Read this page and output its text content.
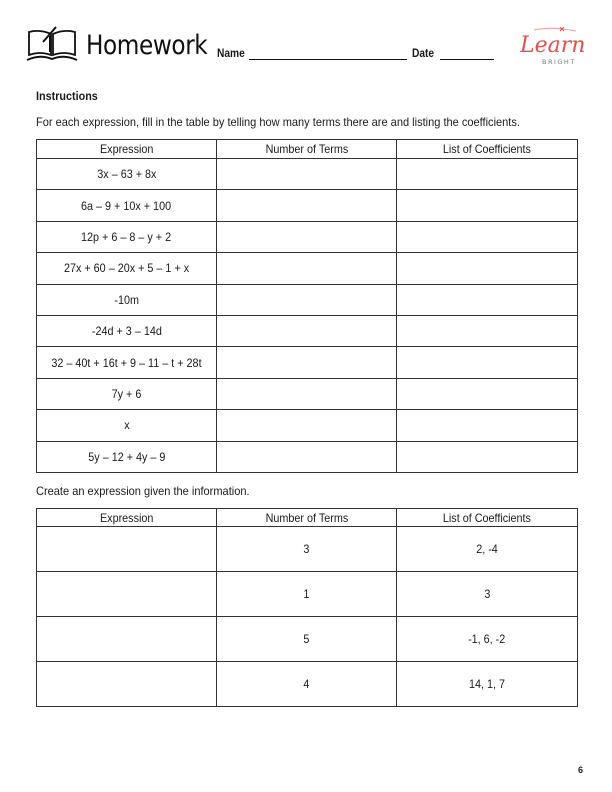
Homework Name	Date	Learn
BRIGHT
Instructions
For each expression, fill in the table by telling how many terms there are and listing the coefficients.
Expression	Number of Terms	List of Coefficients
3x – 63 + 8x		
6a – 9 + 10x + 100		
12p + 6 – 8 – y + 2		
27x + 60 – 20x + 5 – 1 + x		
-10m		
-24d + 3 – 14d		
32 – 40t + 16t + 9 – 11 – t + 28t		
7y + 6		
x		
5y – 12 + 4y – 9		
Create an expression given the information.
Expression	Number of Terms	List of Coefficients
	3	2, -4
	1	3
	5	-1, 6, -2
	4	14, 1, 7
6
